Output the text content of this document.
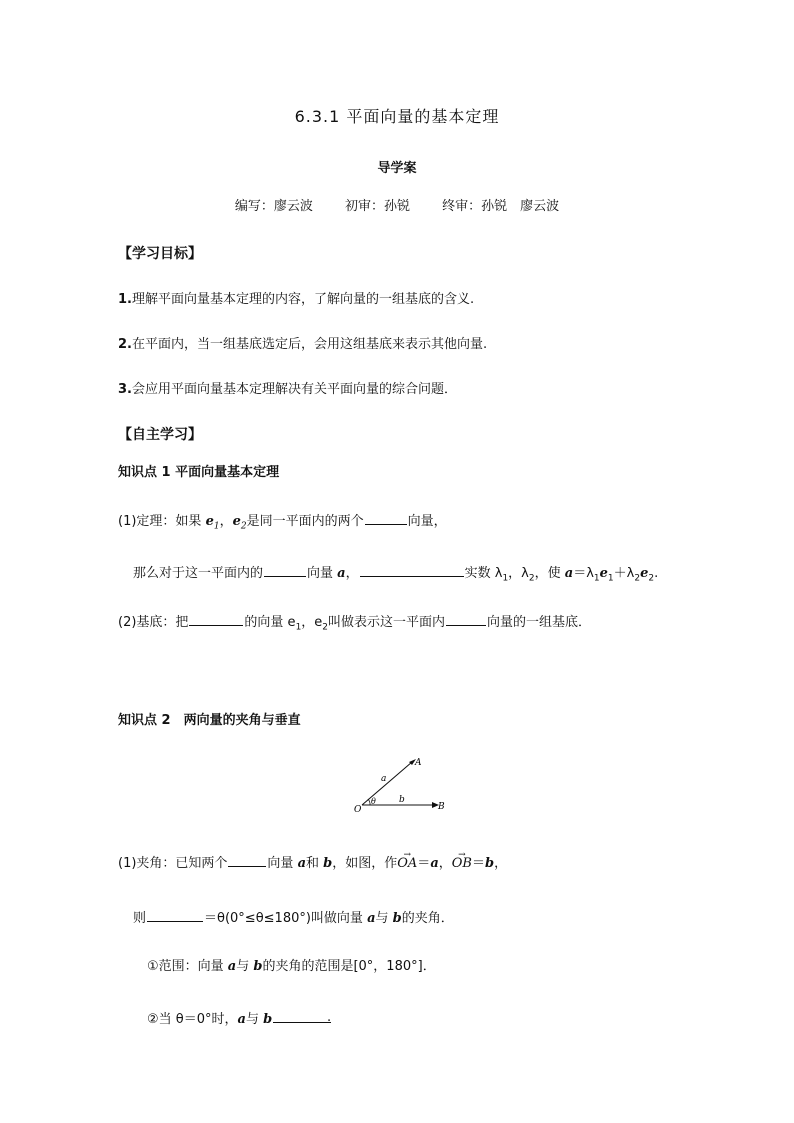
6.3.1 平面向量的基本定理
导学案
编写：廖云波 初审：孙锐 终审：孙锐　廖云波
【学习目标】
1.理解平面向量基本定理的内容，了解向量的一组基底的含义.
2.在平面内，当一组基底选定后，会用这组基底来表示其他向量.
3.会应用平面向量基本定理解决有关平面向量的综合问题．
【自主学习】
知识点 1 平面向量基本定理
(1)定理：如果 $e_1$，$e_2$是同一平面内的两个	向量，
那么对于这一平面内的	向量 a，	实数 $\lambda_1$，$\lambda_2$，使 $a=\lambda_1e_1+\lambda_2e_2$.
(2)基底：把	的向量 $e_1$，$e_2$叫做表示这一平面内	向量的一组基底．
知识点 2　两向量的夹角与垂直
A
B
O
a
b
θ
(1)夹角：已知两个	向量 a和 b，如图，作→ OA＝a，→ OB＝b，
则	＝θ(0°≤θ≤180°)叫做向量 a与 b的夹角．
①范围：向量 a与 b的夹角的范围是[0°，180°]．
②当 θ＝0°时，a与 b	.
